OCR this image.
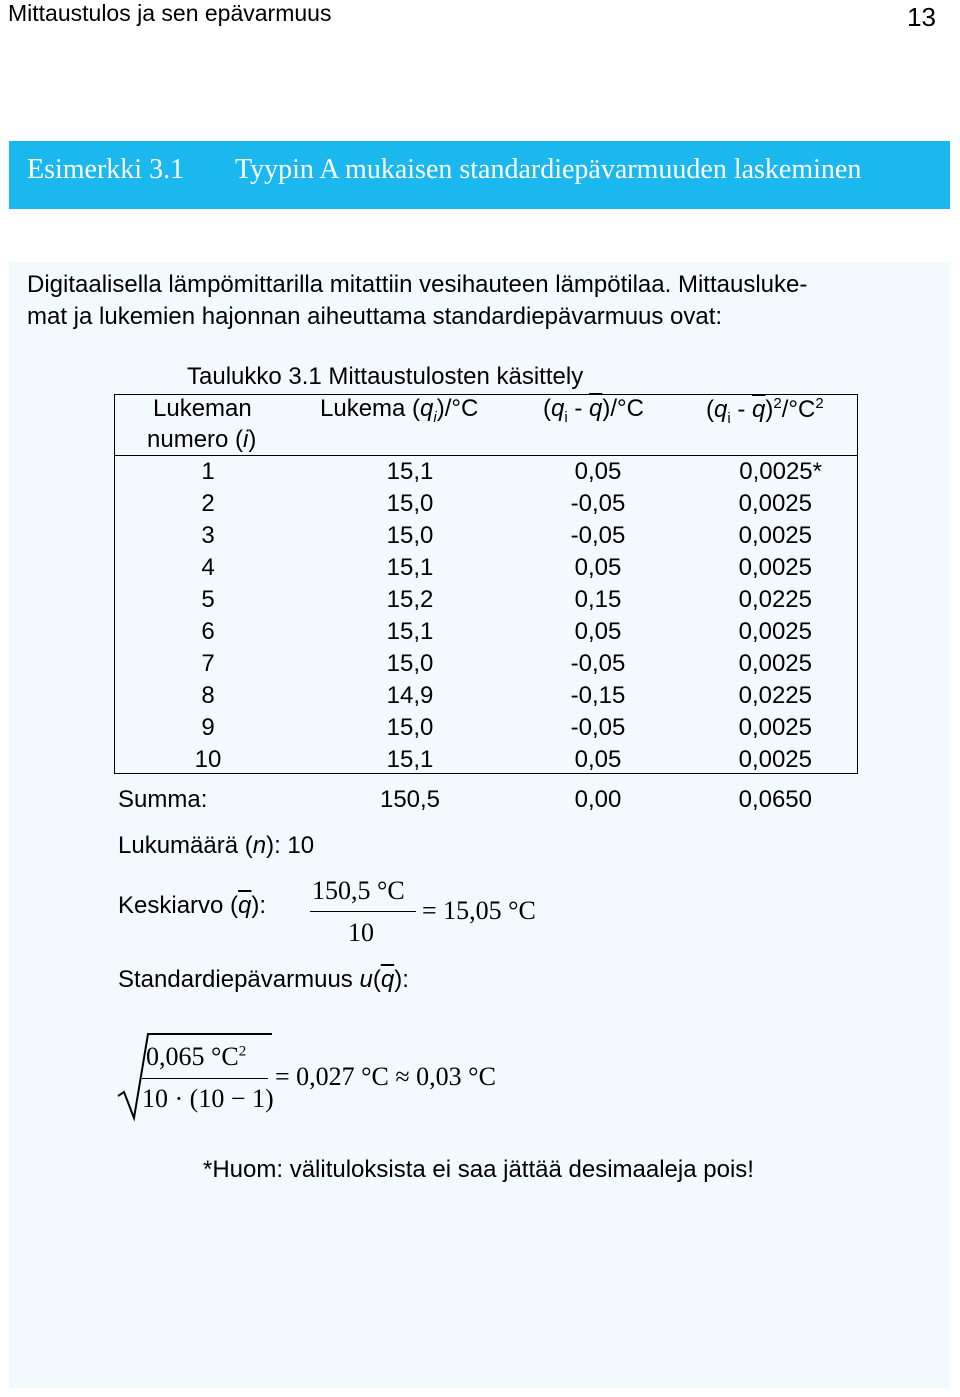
Mittaustulos ja sen epävarmuus	13
Esimerkki 3.1 Tyypin A mukaisen standardiepävarmuuden laskeminen
Digitaalisella lämpömittarilla mitattiin vesihauteen lämpötilaa. Mittausluke-
mat ja lukemien hajonnan aiheuttama standardiepävarmuus ovat:
Taulukko 3.1 Mittaustulosten käsittely
Lukeman
numero (i)
Lukema $(q_i)/^\circ C$	$(q_i - \overline{q})/^\circ C$	$(q_i - \overline{q})^2/^\circ C^2$
1	15,1	0,05	0,0025*
2	15,0	-0,05	0,0025
3	15,0	-0,05	0,0025
4	15,1	0,05	0,0025
5	15,2	0,15	0,0225
6	15,1	0,05	0,0025
7	15,0	-0,05	0,0025
8	14,9	-0,15	0,0225
9	15,0	-0,05	0,0025
10	15,1	0,05	0,0025
Summa:	150,5	0,00	0,0650
Lukumäärä (n): 10
Keskiarvo $(\overline{q})$:
150,5 °C
10
= 15,05 °C
Standardiepävarmuus $u(\overline{q})$:
0,065 $^\circ C^2$
10 · (10 − 1)
= 0,027 °C ≈ 0,03 °C
*Huom: välituloksista ei saa jättää desimaaleja pois!
